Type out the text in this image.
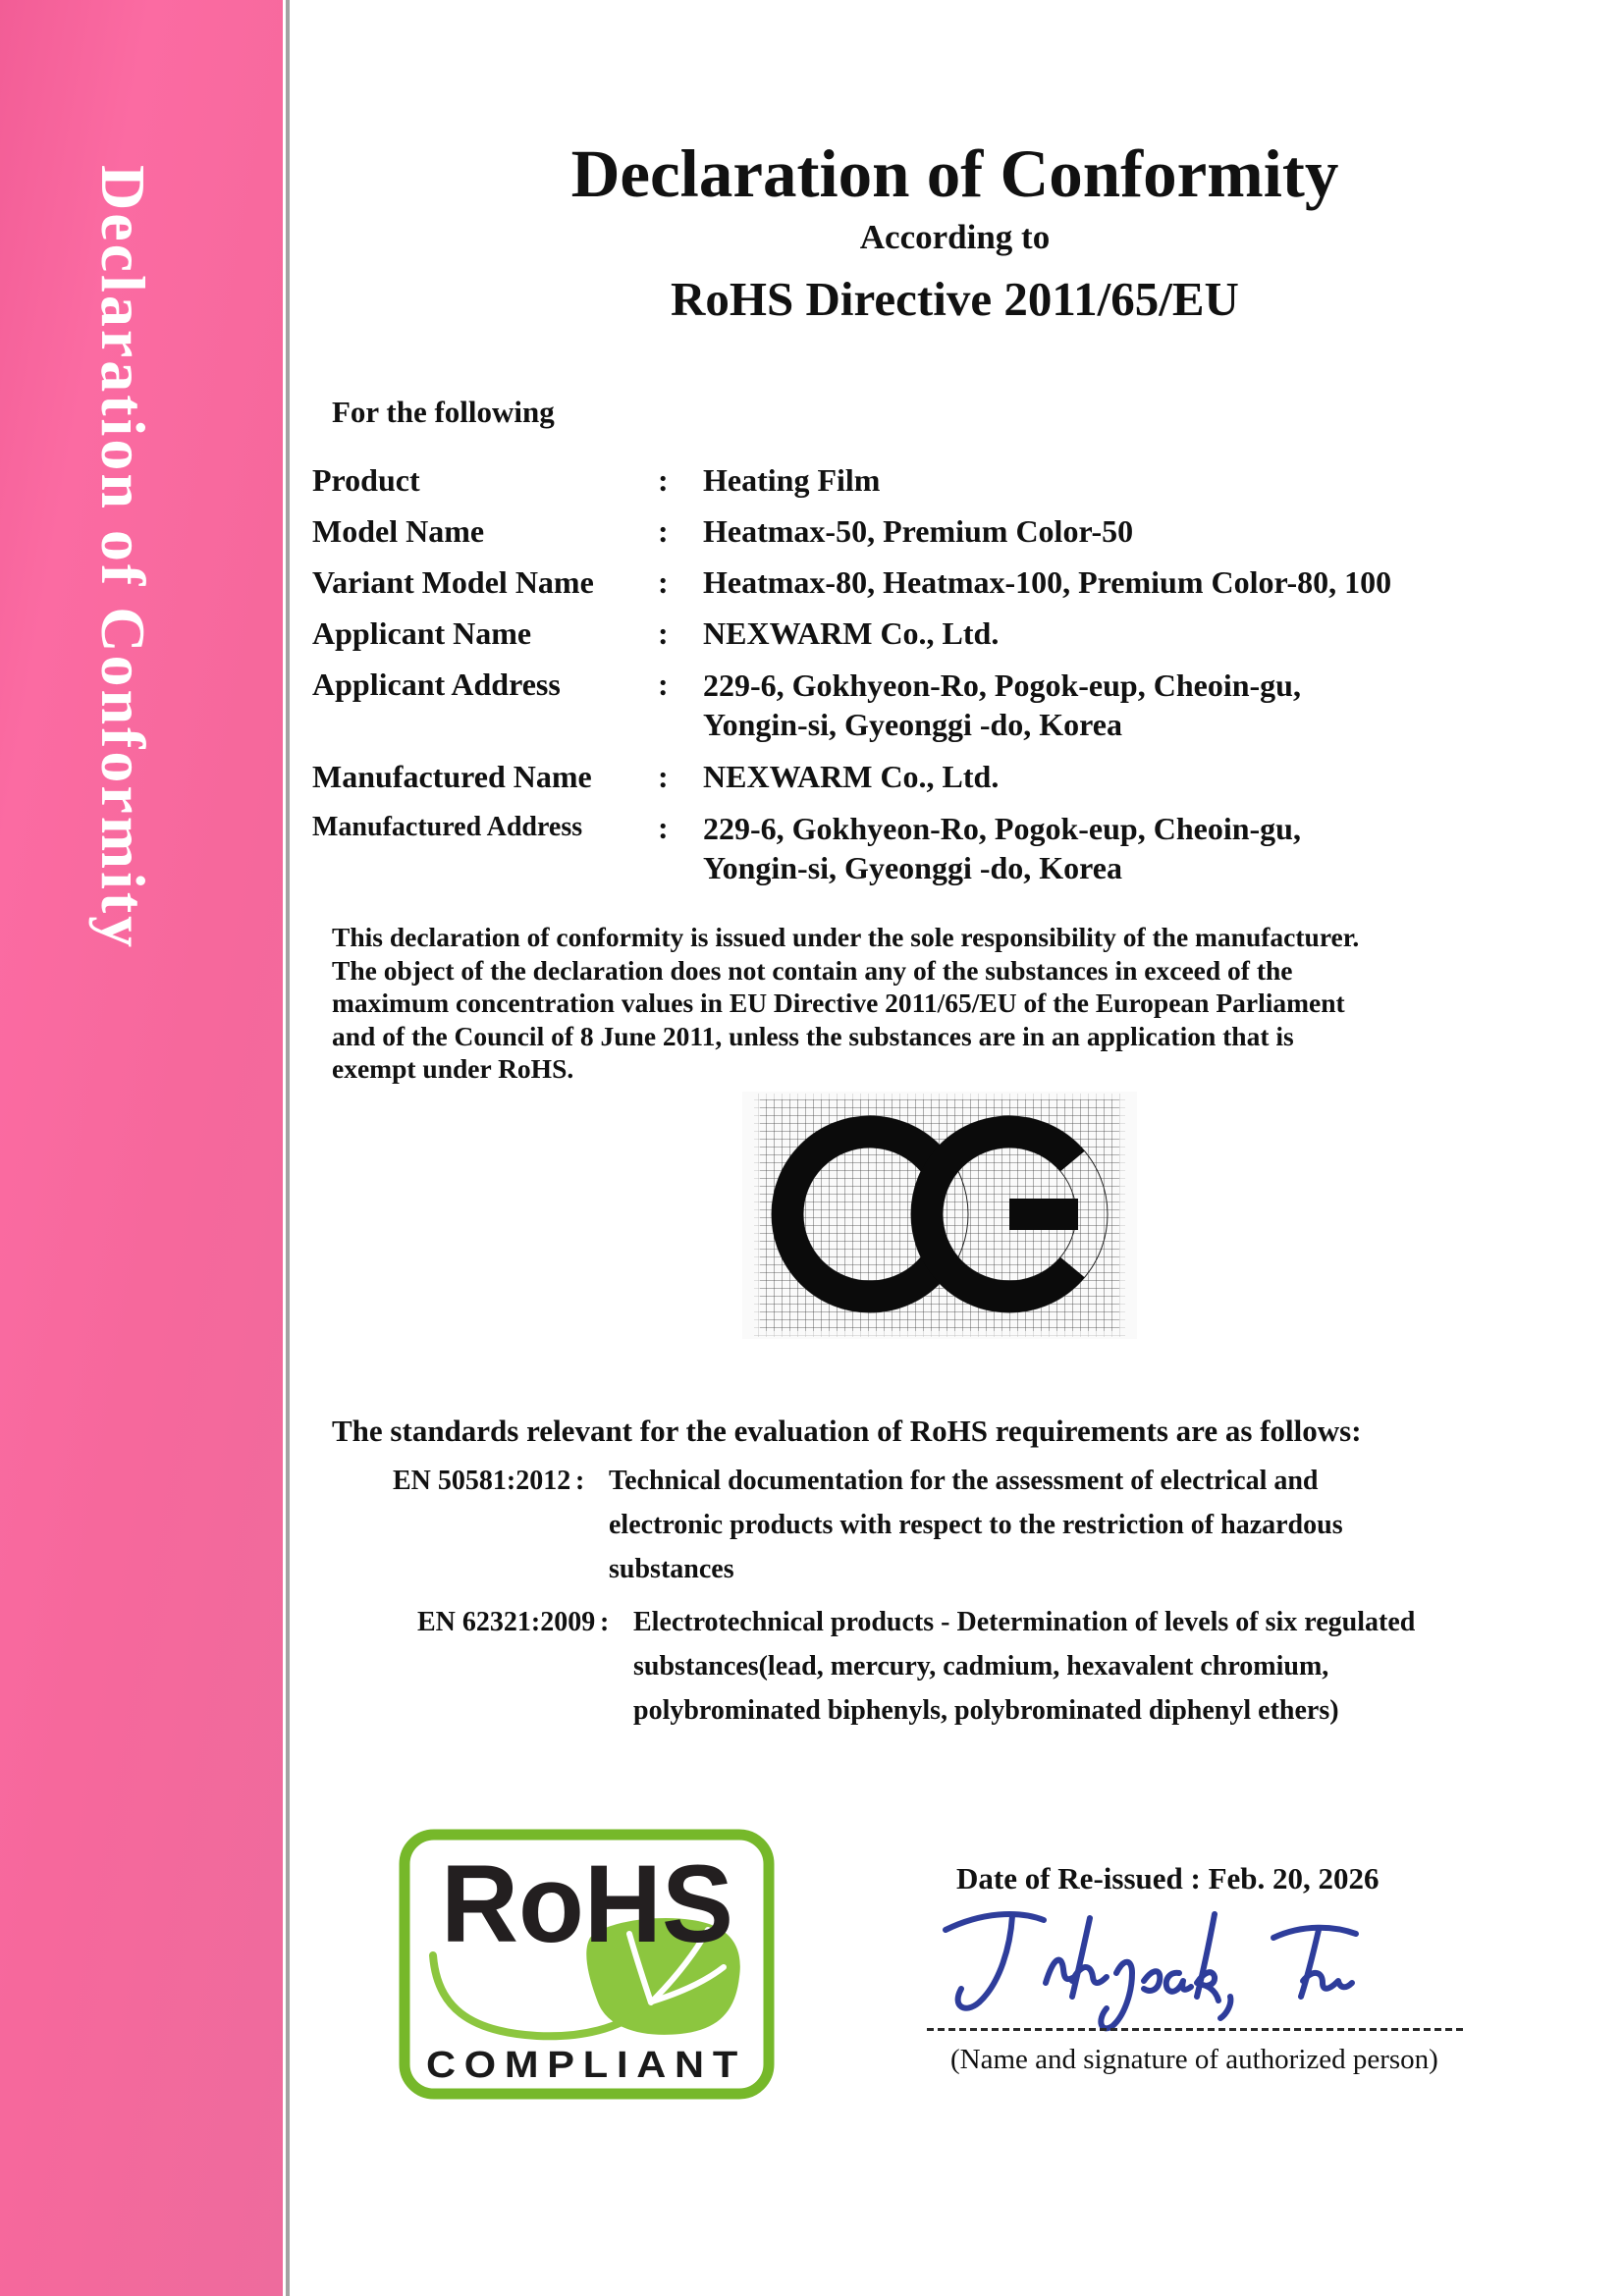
Declaration of Conformity	Declaration of Conformity
According to
RoHS Directive 2011/65/EU
For the following
Product	:	Heating Film
Model Name	:	Heatmax-50, Premium Color-50
Variant Model Name	:	Heatmax-80, Heatmax-100, Premium Color-80, 100
Applicant Name	:	NEXWARM Co., Ltd.
Applicant Address	:	229-6, Gokhyeon-Ro, Pogok-eup, Cheoin-gu,
Yongin-si, Gyeonggi -do, Korea
Manufactured Name	:	NEXWARM Co., Ltd.
Manufactured Address	:	229-6, Gokhyeon-Ro, Pogok-eup, Cheoin-gu,
Yongin-si, Gyeonggi -do, Korea
This declaration of conformity is issued under the sole responsibility of the manufacturer.
The object of the declaration does not contain any of the substances in exceed of the
maximum concentration values in EU Directive 2011/65/EU of the European Parliament
and of the Council of 8 June 2011, unless the substances are in an application that is
exempt under RoHS.
The standards relevant for the evaluation of RoHS requirements are as follows:
EN 50581:2012 : Technical documentation for the assessment of electrical and
electronic products with respect to the restriction of hazardous
substances
EN 62321:2009 : Electrotechnical products - Determination of levels of six regulated
substances(lead, mercury, cadmium, hexavalent chromium,
polybrominated biphenyls, polybrominated diphenyl ethers)
RoHS
COMPLIANT
Date of Re-issued : Feb. 20, 2026
(Name and signature of authorized person)
